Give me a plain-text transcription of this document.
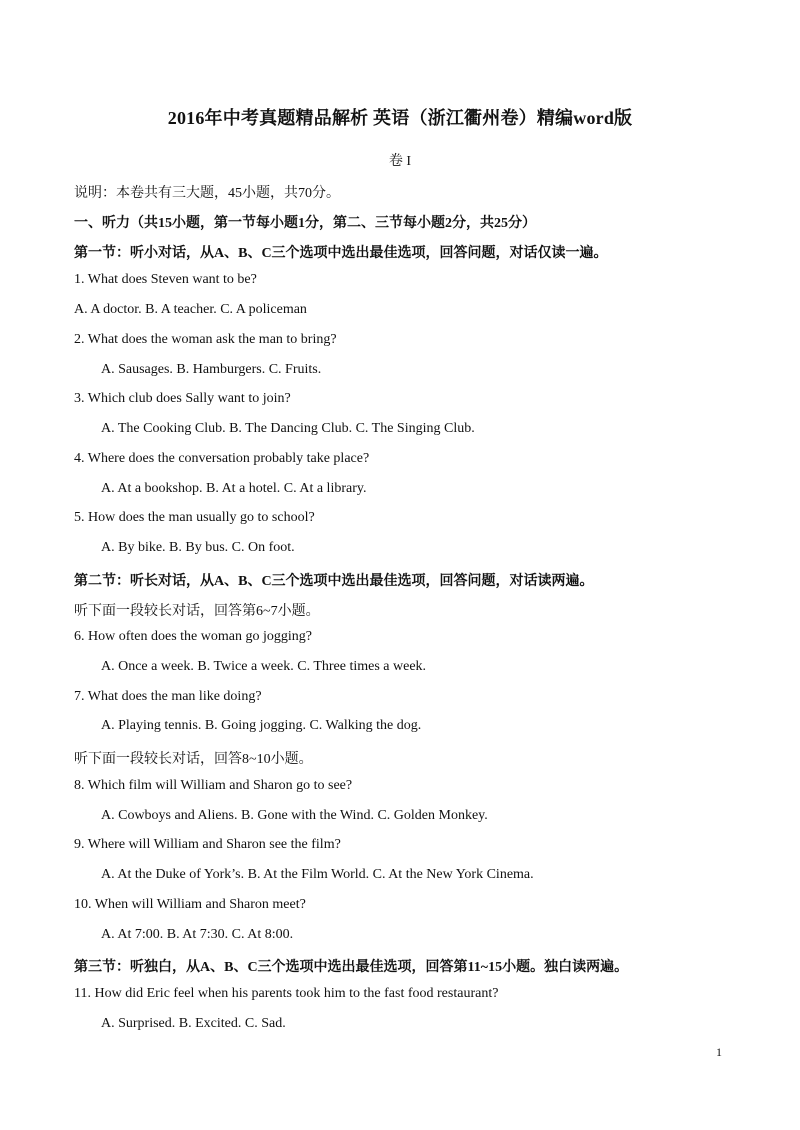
2016年中考真题精品解析 英语（浙江衢州卷）精编word版
卷 I
说明：本卷共有三大题，45小题，共70分。
一、听力（共15小题，第一节每小题1分，第二、三节每小题2分，共25分）
第一节：听小对话，从A、B、C三个选项中选出最佳选项，回答问题，对话仅读一遍。
1. What does Steven want to be?
A. A doctor. B. A teacher. C. A policeman
2. What does the woman ask the man to bring?
A. Sausages. B. Hamburgers. C. Fruits.
3. Which club does Sally want to join?
A. The Cooking Club. B. The Dancing Club. C. The Singing Club.
4. Where does the conversation probably take place?
A. At a bookshop. B. At a hotel. C. At a library.
5. How does the man usually go to school?
A. By bike. B. By bus. C. On foot.
第二节：听长对话，从A、B、C三个选项中选出最佳选项，回答问题，对话读两遍。
听下面一段较长对话，回答第6~7小题。
6. How often does the woman go jogging?
A. Once a week. B. Twice a week. C. Three times a week.
7. What does the man like doing?
A. Playing tennis. B. Going jogging. C. Walking the dog.
听下面一段较长对话，回答8~10小题。
8. Which film will William and Sharon go to see?
A. Cowboys and Aliens. B. Gone with the Wind. C. Golden Monkey.
9. Where will William and Sharon see the film?
A. At the Duke of York’s. B. At the Film World. C. At the New York Cinema.
10. When will William and Sharon meet?
A. At 7:00. B. At 7:30. C. At 8:00.
第三节：听独白，从A、B、C三个选项中选出最佳选项，回答第11~15小题。独白读两遍。
11. How did Eric feel when his parents took him to the fast food restaurant?
A. Surprised. B. Excited. C. Sad.
1
